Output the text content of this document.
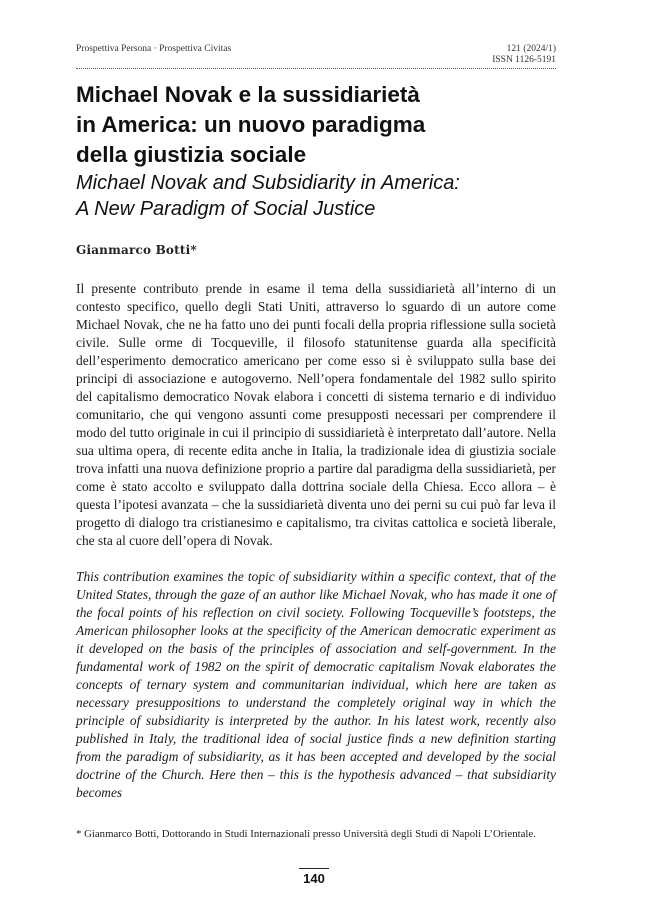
Prospettiva Persona · Prospettiva Civitas	121 (2024/1)
ISSN 1126-5191
Michael Novak e la sussidiarietà
in America: un nuovo paradigma
della giustizia sociale
Michael Novak and Subsidiarity in America:
A New Paradigm of Social Justice
Gianmarco Botti*

Il presente contributo prende in esame il tema della sussidiarietà all’interno di un contesto specifico, quello degli Stati Uniti, attraverso lo sguardo di un autore come Michael Novak, che ne ha fatto uno dei punti focali della propria riflessione sulla società civile. Sulle orme di Tocqueville, il filosofo statunitense guarda alla specificità dell’esperimento democratico americano per come esso si è sviluppato sulla base dei principi di associazione e autogoverno. Nell’opera fondamentale del 1982 sullo spirito del capitalismo democratico Novak elabora i concetti di sistema ternario e di individuo comunitario, che qui vengono assunti come presupposti necessari per comprendere il modo del tutto originale in cui il principio di sussidiarietà è interpretato dall’autore. Nella sua ultima opera, di recente edita anche in Italia, la tradizionale idea di giustizia sociale trova infatti una nuova definizione proprio a partire dal paradigma della sussidiarietà, per come è stato accolto e sviluppato dalla dottrina sociale della Chiesa. Ecco allora – è questa l’ipotesi avanzata – che la sussidiarietà diventa uno dei perni su cui può far leva il progetto di dialogo tra cristianesimo e capitalismo, tra civitas cattolica e società liberale, che sta al cuore dell’opera di Novak.

This contribution examines the topic of subsidiarity within a specific context, that of the United States, through the gaze of an author like Michael Novak, who has made it one of the focal points of his reflection on civil society. Following Tocqueville’s footsteps, the American philosopher looks at the specificity of the American democratic experiment as it developed on the basis of the principles of association and self-government. In the fundamental work of 1982 on the spirit of democratic capitalism Novak elaborates the concepts of ternary system and communitarian individual, which here are taken as necessary presuppositions to understand the completely original way in which the principle of subsidiarity is interpreted by the author. In his latest work, recently also published in Italy, the traditional idea of social justice finds a new definition starting from the paradigm of subsidiarity, as it has been accepted and developed by the social doctrine of the Church. Here then – this is the hypothesis advanced – that subsidiarity becomes

* Gianmarco Botti, Dottorando in Studi Internazionali presso Università degli Studi di Napoli L’Orientale.
140
